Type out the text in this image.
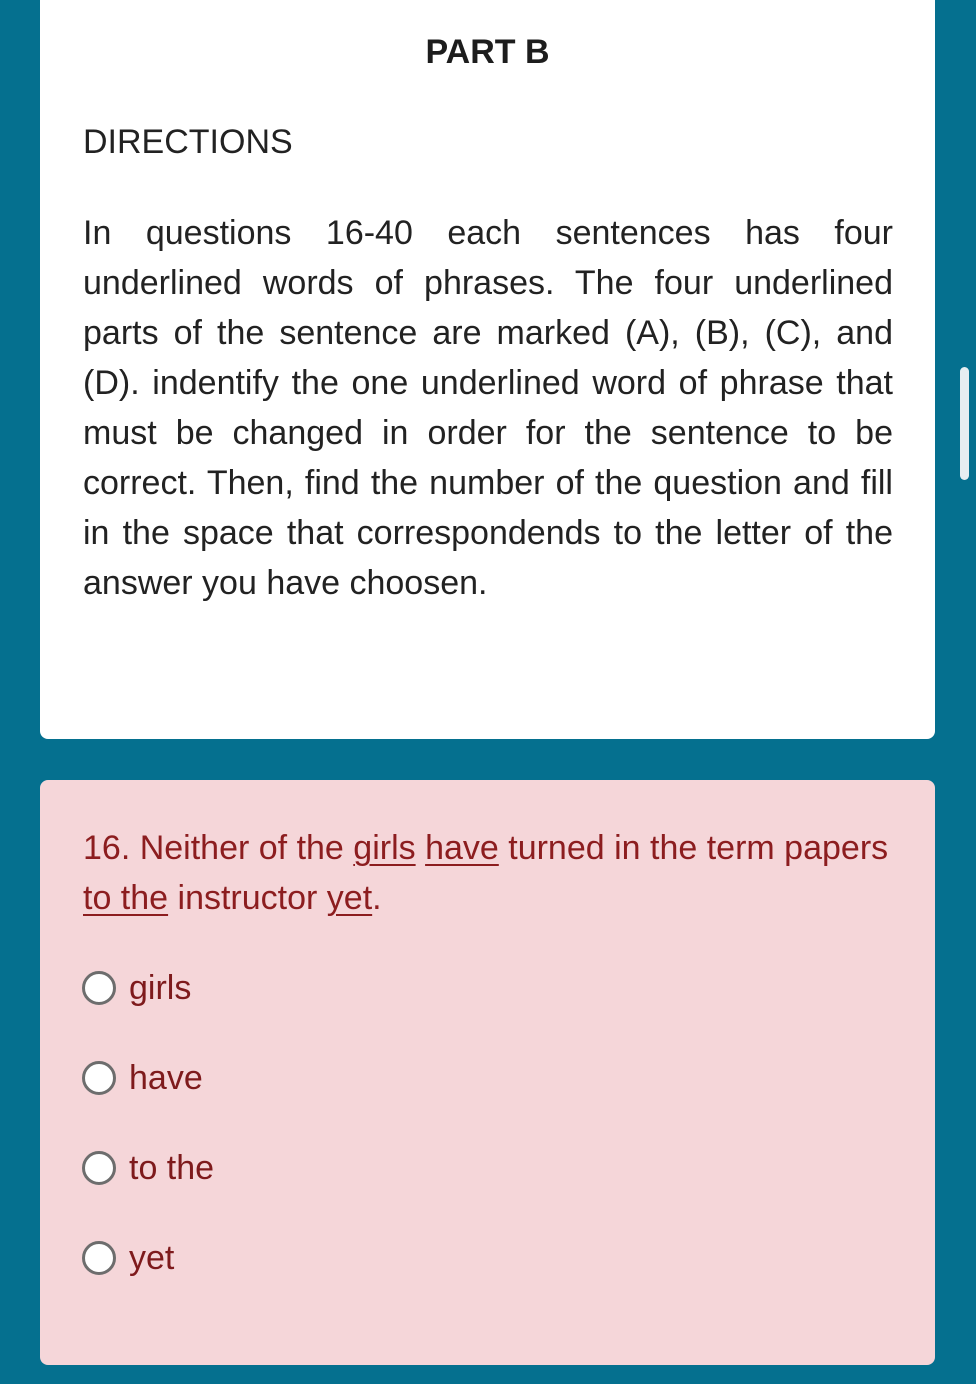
PART B
DIRECTIONS

In questions 16-40 each sentences has four underlined words of phrases. The four underlined parts of the sentence are marked (A), (B), (C), and (D). indentify the one underlined word of phrase that must be changed in order for the sentence to be correct. Then, find the number of the question and fill in the space that correspondends to the letter of the answer you have choosen.

16. Neither of the girls have turned in the term papers to the instructor yet.

girls
have
to the
yet
